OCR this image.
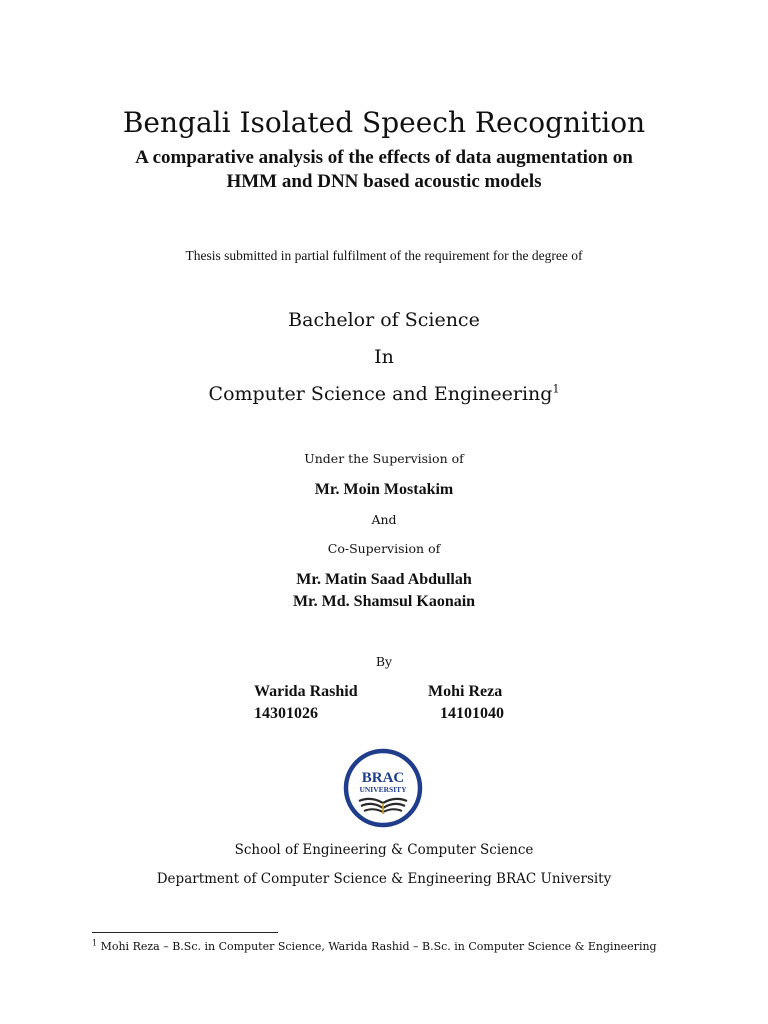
Bengali Isolated Speech Recognition
A comparative analysis of the effects of data augmentation on
HMM and DNN based acoustic models
Thesis submitted in partial fulfilment of the requirement for the degree of
Bachelor of Science
In
Computer Science and Engineering$^1$
Under the Supervision of
Mr. Moin Mostakim
And
Co-Supervision of
Mr. Matin Saad Abdullah
Mr. Md. Shamsul Kaonain
By
Warida Rashid
14301026
Mohi Reza
14101040
BRAC
UNIVERSITY
School of Engineering & Computer Science
Department of Computer Science & Engineering BRAC University
$^1$ Mohi Reza – B.Sc. in Computer Science, Warida Rashid – B.Sc. in Computer Science & Engineering
